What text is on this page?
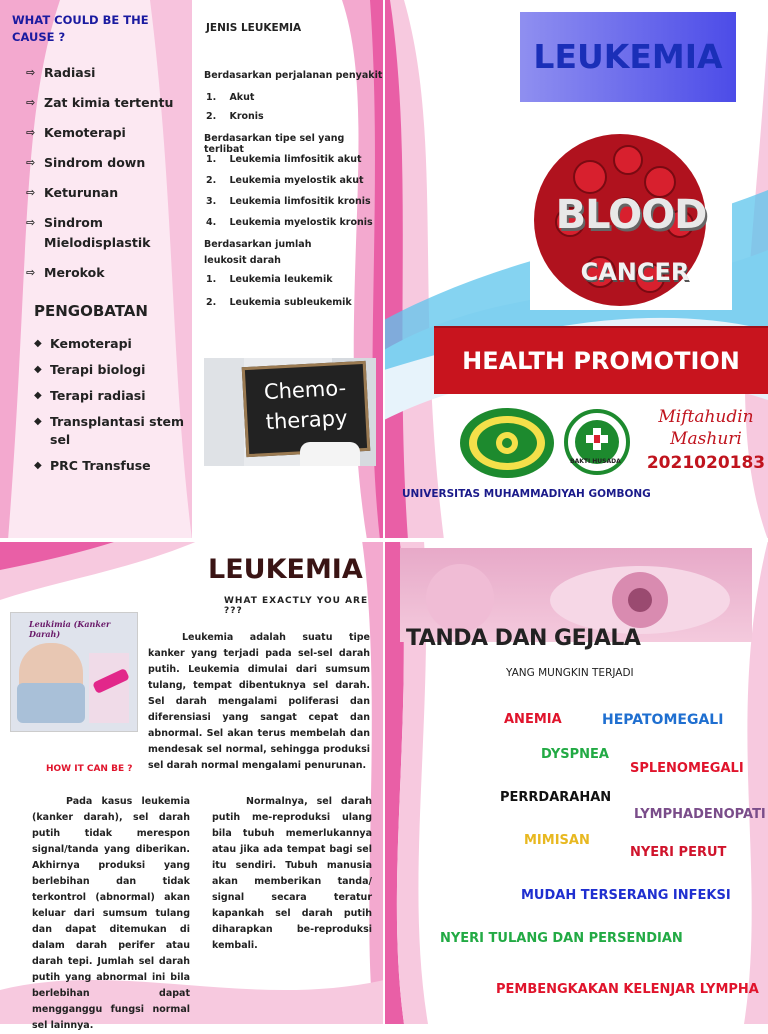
WHAT COULD BE THE CAUSE ?
⇨ Radiasi
⇨ Zat kimia tertentu
⇨ Kemoterapi
⇨ Sindrom down
⇨ Keturunan
⇨ Sindrom Mielodisplastik
⇨ Merokok
PENGOBATAN
◆ Kemoterapi
◆ Terapi biologi
◆ Terapi radiasi
◆ Transplantasi stem sel
◆ PRC Transfuse
JENIS LEUKEMIA
Berdasarkan perjalanan penyakit
1.    Akut
2.    Kronis
Berdasarkan tipe sel yang terlibat
1.    Leukemia limfositik akut
2.    Leukemia myelostik akut
3.    Leukemia limfositik kronis
4.    Leukemia myelostik kronis
Berdasarkan jumlah leukosit darah
1.    Leukemia leukemik
2.    Leukemia subleukemik
Chemo-therapy
LEUKEMIA
BLOOD
CANCER
HEALTH PROMOTION
BAKTI HUSADA
Miftahudin
Mashuri
2021020183
UNIVERSITAS MUHAMMADIYAH GOMBONG
LEUKEMIA
WHAT EXACTLY YOU ARE ???
Leukimia (Kanker Darah)	Leukemia adalah suatu tipe kanker yang terjadi pada sel-sel darah putih. Leukemia dimulai dari sumsum tulang, tempat dibentuknya sel darah. Sel darah mengalami poliferasi dan diferensiasi yang sangat cepat dan abnormal. Sel akan terus membelah dan mendesak sel normal, sehingga produksi sel darah normal mengalami penurunan.
HOW IT CAN BE ?
Pada kasus leukemia (kanker darah), sel darah putih tidak merespon signal/tanda yang diberikan. Akhirnya produksi yang berlebihan dan tidak terkontrol (abnormal) akan keluar dari sumsum tulang dan dapat ditemukan di dalam darah perifer atau darah tepi. Jumlah sel darah putih yang abnormal ini bila berlebihan dapat mengganggu fungsi normal sel lainnya.
Normalnya, sel darah putih me-reproduksi ulang bila tubuh memerlukannya atau jika ada tempat bagi sel itu sendiri. Tubuh manusia akan memberikan tanda/ signal secara teratur kapankah sel darah putih diharapkan be-reproduksi kembali.
TANDA DAN GEJALA
YANG MUNGKIN TERJADI
ANEMIA	HEPATOMEGALI
DYSPNEA
SPLENOMEGALI
PERRDARAHAN
LYMPHADENOPATI
MIMISAN
NYERI PERUT
MUDAH TERSERANG INFEKSI
NYERI TULANG DAN PERSENDIAN
PEMBENGKAKAN KELENJAR LYMPHA
